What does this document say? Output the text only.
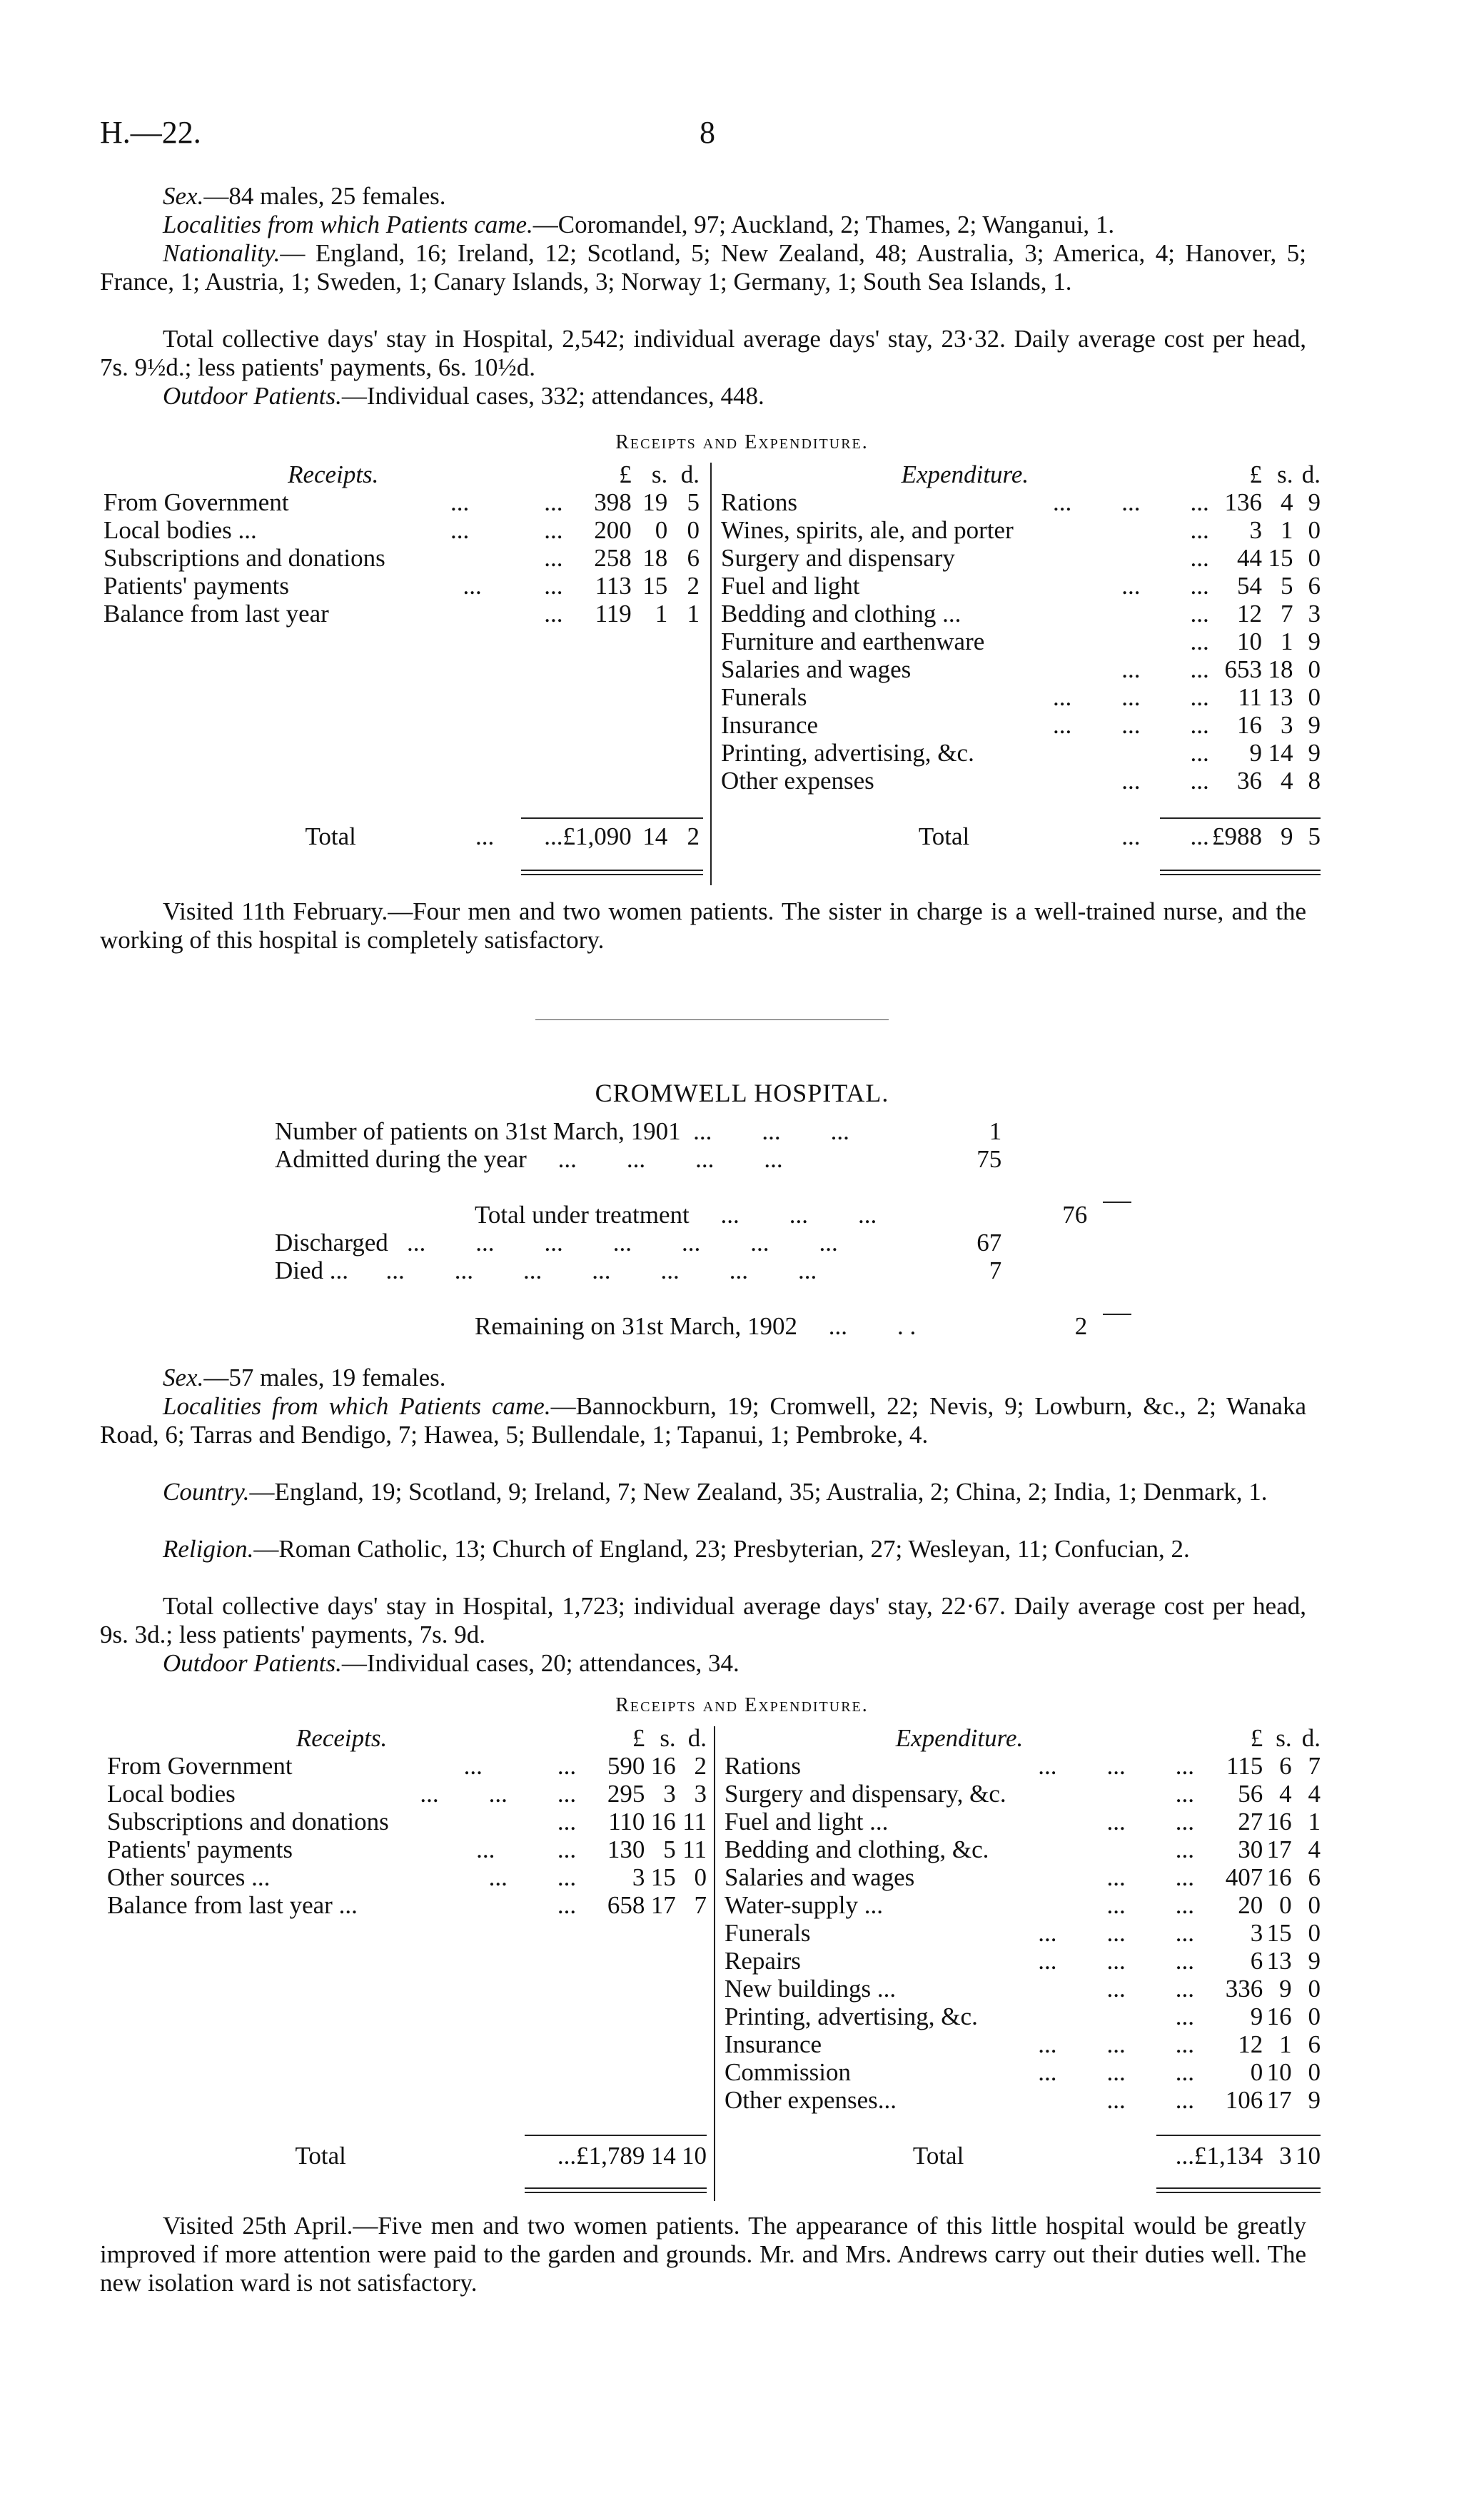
H.—22.	8
Sex.—84 males, 25 females.
Localities from which Patients came.—Coromandel, 97; Auckland, 2; Thames, 2; Wanganui, 1.
Nationality.— England, 16; Ireland, 12; Scotland, 5; New Zealand, 48; Australia, 3; America, 4; Hanover, 5; France, 1; Austria, 1; Sweden, 1; Canary Islands, 3; Norway 1; Germany, 1; South Sea Islands, 1.
Total collective days' stay in Hospital, 2,542; individual average days' stay, 23·32. Daily average cost per head, 7s. 9½d.; less patients' payments, 6s. 10½d.
Outdoor Patients.—Individual cases, 332; attendances, 448.
Receipts and Expenditure.
Receipts.		£	s.	d.
From Government	...            ...	398	19	5
Local bodies ...	...            ...	200	0	0
Subscriptions and donations	...	258	18	6
Patients' payments	...          ...	113	15	2
Balance from last year	...	119	1	1

Total	...        ...	£1,090	14	2
Expenditure.		£	s.	d.
Rations	...        ...        ...	136	4	9
Wines, spirits, ale, and porter	...	3	1	0
Surgery and dispensary	...	44	15	0
Fuel and light	...        ...	54	5	6
Bedding and clothing ...	...	12	7	3
Furniture and earthenware	...	10	1	9
Salaries and wages	...        ...	653	18	0
Funerals	...        ...        ...	11	13	0
Insurance	...        ...        ...	16	3	9
Printing, advertising, &c.	...	9	14	9
Other expenses	...        ...	36	4	8

Total	...        ...	£988	9	5
Visited 11th February.—Four men and two women patients. The sister in charge is a well-trained nurse, and the working of this hospital is completely satisfactory.
CROMWELL HOSPITAL.
Number of patients on 31st March, 1901 ...        ...        ...		1	
Admitted during the year ...        ...        ...        ...		75	

	Total under treatment ...        ...        ...		76
Discharged ...        ...        ...        ...        ...        ...        ...		67	
Died ... ...        ...        ...        ...        ...        ...        ...		7	

	Remaining on 31st March, 1902 ...        . .		2
Sex.—57 males, 19 females.
Localities from which Patients came.—Bannockburn, 19; Cromwell, 22; Nevis, 9; Lowburn, &c., 2; Wanaka Road, 6; Tarras and Bendigo, 7; Hawea, 5; Bullendale, 1; Tapanui, 1; Pembroke, 4.
Country.—England, 19; Scotland, 9; Ireland, 7; New Zealand, 35; Australia, 2; China, 2; India, 1; Denmark, 1.
Religion.—Roman Catholic, 13; Church of England, 23; Presbyterian, 27; Wesleyan, 11; Confucian, 2.
Total collective days' stay in Hospital, 1,723; individual average days' stay, 22·67. Daily average cost per head, 9s. 3d.; less patients' payments, 7s. 9d.
Outdoor Patients.—Individual cases, 20; attendances, 34.
Receipts and Expenditure.
Receipts.		£	s.	d.
From Government	...            ...	590	16	2
Local bodies	...        ...        ...	295	3	3
Subscriptions and donations	...	110	16	11
Patients' payments	...          ...	130	5	11
Other sources ...	...        ...	3	15	0
Balance from last year ...	...	658	17	7

Total	...	£1,789	14	10
Expenditure.		£	s.	d.
Rations	...        ...        ...	115	6	7
Surgery and dispensary, &c.	...	56	4	4
Fuel and light ...	...        ...	27	16	1
Bedding and clothing, &c.	...	30	17	4
Salaries and wages	...        ...	407	16	6
Water-supply ...	...        ...	20	0	0
Funerals	...        ...        ...	3	15	0
Repairs	...        ...        ...	6	13	9
New buildings ...	...        ...	336	9	0
Printing, advertising, &c.	...	9	16	0
Insurance	...        ...        ...	12	1	6
Commission	...        ...        ...	0	10	0
Other expenses...	...        ...	106	17	9

Total	...	£1,134	3	10
Visited 25th April.—Five men and two women patients. The appearance of this little hospital would be greatly improved if more attention were paid to the garden and grounds. Mr. and Mrs. Andrews carry out their duties well. The new isolation ward is not satisfactory.
